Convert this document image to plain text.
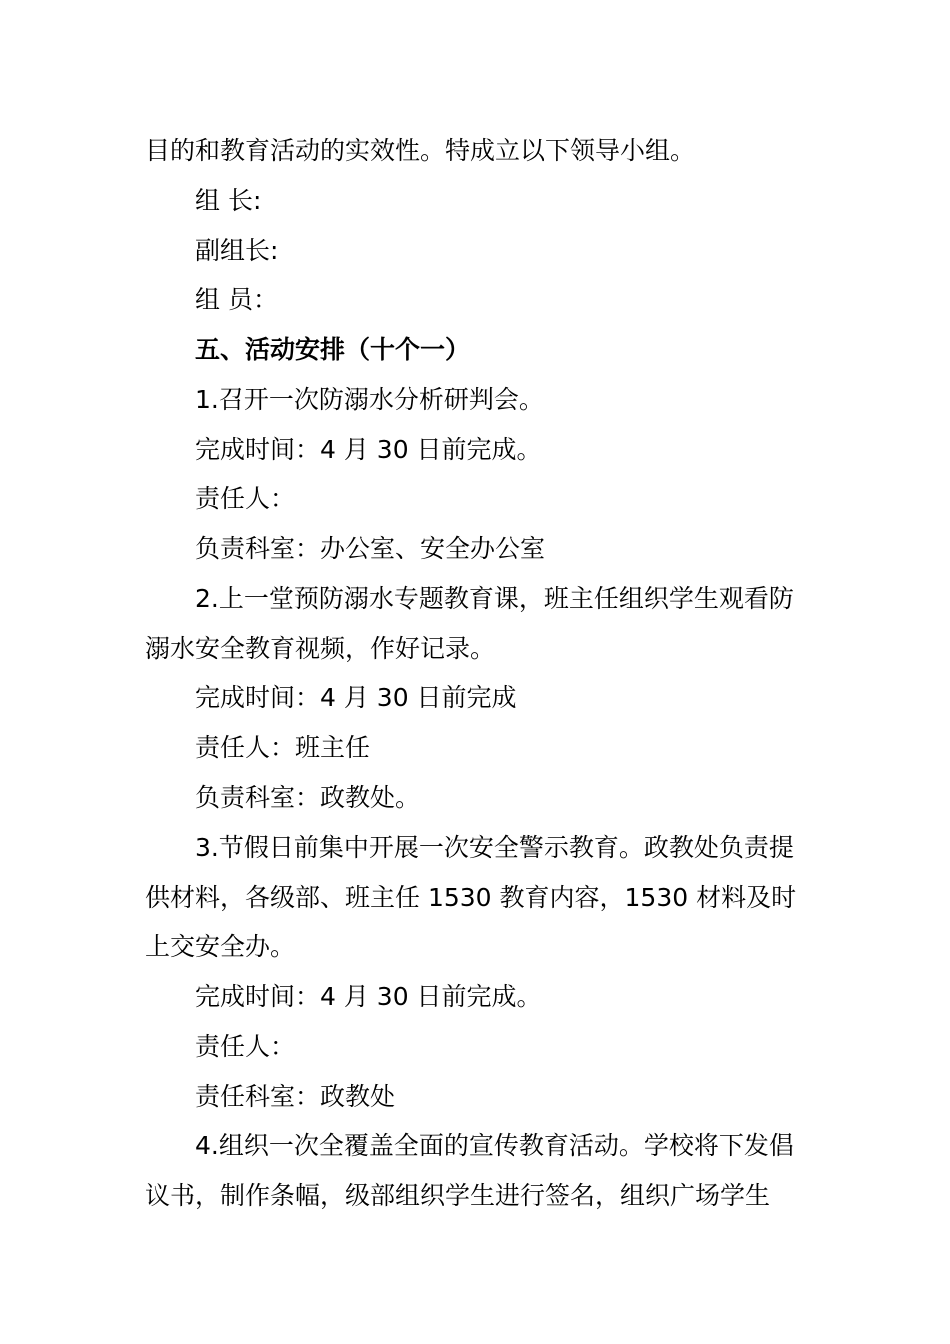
目的和教育活动的实效性。特成立以下领导小组。
组 长:
副组长:
组 员：
五、活动安排（十个一）
1.召开一次防溺水分析研判会。
完成时间：4 月 30 日前完成。
责任人：
负责科室：办公室、安全办公室
2.上一堂预防溺水专题教育课，班主任组织学生观看防
溺水安全教育视频，作好记录。
完成时间：4 月 30 日前完成
责任人：班主任
负责科室：政教处。
3.节假日前集中开展一次安全警示教育。政教处负责提
供材料，各级部、班主任 1530 教育内容，1530 材料及时
上交安全办。
完成时间：4 月 30 日前完成。
责任人：
责任科室：政教处
4.组织一次全覆盖全面的宣传教育活动。学校将下发倡
议书，制作条幅，级部组织学生进行签名，组织广场学生
